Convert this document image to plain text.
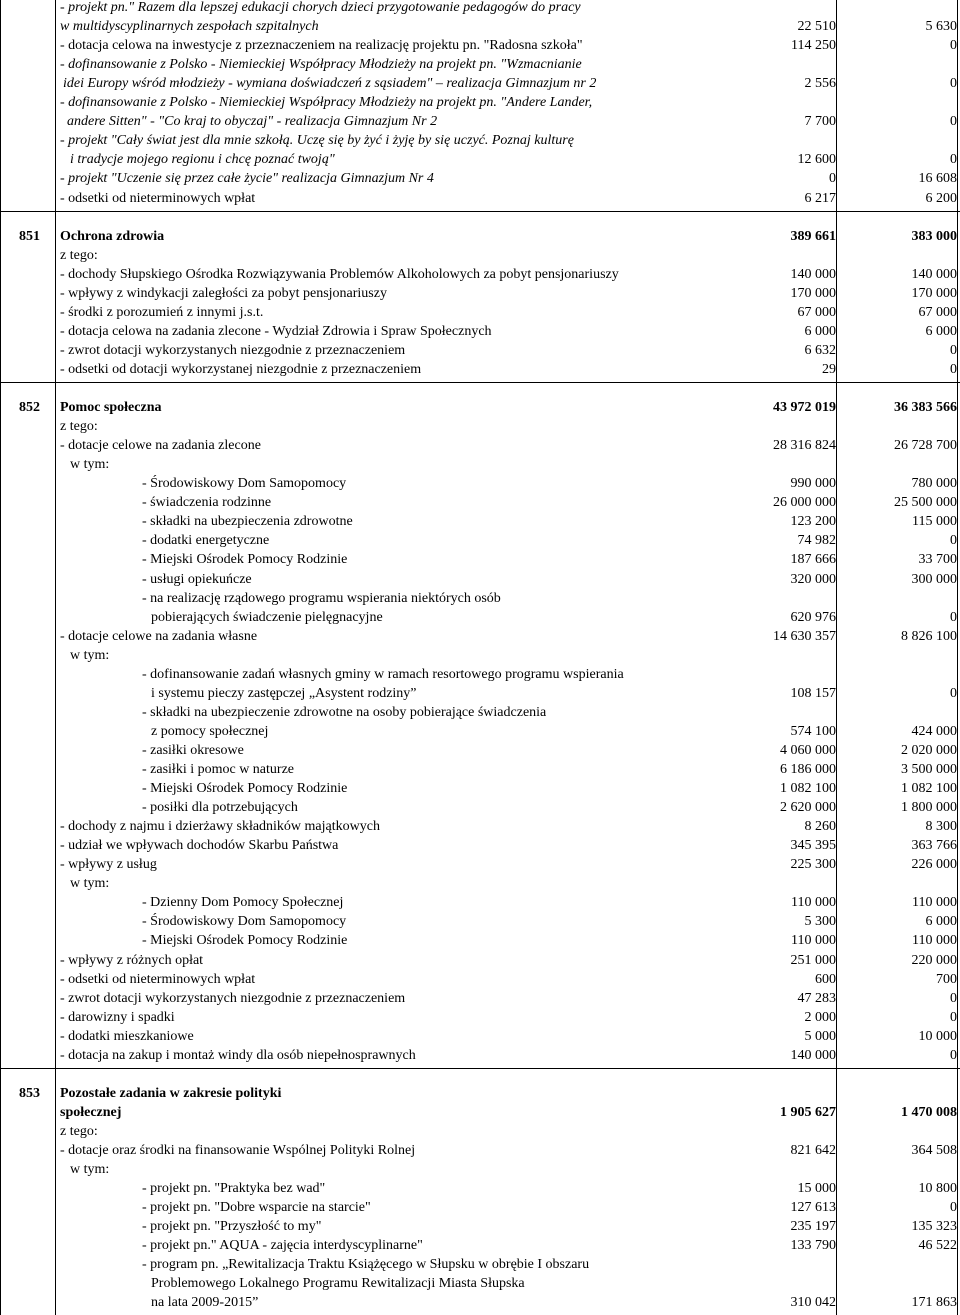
- projekt pn." Razem dla lepszej edukacji chorych dzieci przygotowanie pedagogów do pracy
w multidyscyplinarnych zespołach szpitalnych	22 510	5 630
- dotacja celowa na inwestycje z przeznaczeniem na realizację projektu pn. "Radosna szkoła"	114 250	0
- dofinansowanie z Polsko - Niemieckiej Współpracy Młodzieży na projekt pn. "Wzmacnianie
idei Europy wśród młodzieży - wymiana doświadczeń z sąsiadem" – realizacja Gimnazjum nr 2	2 556	0
- dofinansowanie z Polsko - Niemieckiej Współpracy Młodzieży na projekt pn. "Andere Lander,
andere Sitten" - "Co kraj to obyczaj" - realizacja Gimnazjum Nr 2	7 700	0
- projekt "Cały świat jest dla mnie szkołą. Uczę się by żyć i żyję by się uczyć. Poznaj kulturę
i tradycje mojego regionu i chcę poznać twoją"	12 600	0
- projekt "Uczenie się przez całe życie" realizacja Gimnazjum Nr 4	0	16 608
- odsetki od nieterminowych wpłat	6 217	6 200
851	Ochrona zdrowia	389 661	383 000
z tego:
- dochody Słupskiego Ośrodka Rozwiązywania Problemów Alkoholowych za pobyt pensjonariuszy	140 000	140 000
- wpływy z windykacji zaległości za pobyt pensjonariuszy	170 000	170 000
- środki z porozumień z innymi j.s.t.	67 000	67 000
- dotacja celowa na zadania zlecone - Wydział Zdrowia i Spraw Społecznych	6 000	6 000
- zwrot dotacji wykorzystanych niezgodnie z przeznaczeniem	6 632	0
- odsetki od dotacji wykorzystanej niezgodnie z przeznaczeniem	29	0
852	Pomoc społeczna	43 972 019	36 383 566
z tego:
- dotacje celowe na zadania zlecone	28 316 824	26 728 700
w tym:
- Środowiskowy Dom Samopomocy	990 000	780 000
- świadczenia rodzinne	26 000 000	25 500 000
- składki na ubezpieczenia zdrowotne	123 200	115 000
- dodatki energetyczne	74 982	0
- Miejski Ośrodek Pomocy Rodzinie	187 666	33 700
- usługi opiekuńcze	320 000	300 000
- na realizację rządowego programu wspierania niektórych osób
pobierających świadczenie pielęgnacyjne	620 976	0
- dotacje celowe na zadania własne	14 630 357	8 826 100
w tym:
- dofinansowanie zadań własnych gminy w ramach resortowego programu wspierania
i systemu pieczy zastępczej „Asystent rodziny”	108 157	0
- składki na ubezpieczenie zdrowotne na osoby pobierające świadczenia
z pomocy społecznej	574 100	424 000
- zasiłki okresowe	4 060 000	2 020 000
- zasiłki i pomoc w naturze	6 186 000	3 500 000
- Miejski Ośrodek Pomocy Rodzinie	1 082 100	1 082 100
- posiłki dla potrzebujących	2 620 000	1 800 000
- dochody z najmu i dzierżawy składników majątkowych	8 260	8 300
- udział we wpływach dochodów Skarbu Państwa	345 395	363 766
- wpływy z usług	225 300	226 000
w tym:
- Dzienny Dom Pomocy Społecznej	110 000	110 000
- Środowiskowy Dom Samopomocy	5 300	6 000
- Miejski Ośrodek Pomocy Rodzinie	110 000	110 000
- wpływy z różnych opłat	251 000	220 000
- odsetki od nieterminowych wpłat	600	700
- zwrot dotacji wykorzystanych niezgodnie z przeznaczeniem	47 283	0
- darowizny i spadki	2 000	0
- dodatki mieszkaniowe	5 000	10 000
- dotacja na zakup i montaż windy dla osób niepełnosprawnych	140 000	0
853	Pozostałe zadania w zakresie polityki
społecznej	1 905 627	1 470 008
z tego:
- dotacje oraz środki na finansowanie Wspólnej Polityki Rolnej	821 642	364 508
w tym:
- projekt pn. "Praktyka bez wad"	15 000	10 800
- projekt pn. "Dobre wsparcie na starcie"	127 613	0
- projekt pn. "Przyszłość to my"	235 197	135 323
- projekt pn." AQUA - zajęcia interdyscyplinarne"	133 790	46 522
- program pn. „Rewitalizacja Traktu Książęcego w Słupsku w obrębie I obszaru
Problemowego Lokalnego Programu Rewitalizacji Miasta Słupska
na lata 2009-2015”	310 042	171 863
